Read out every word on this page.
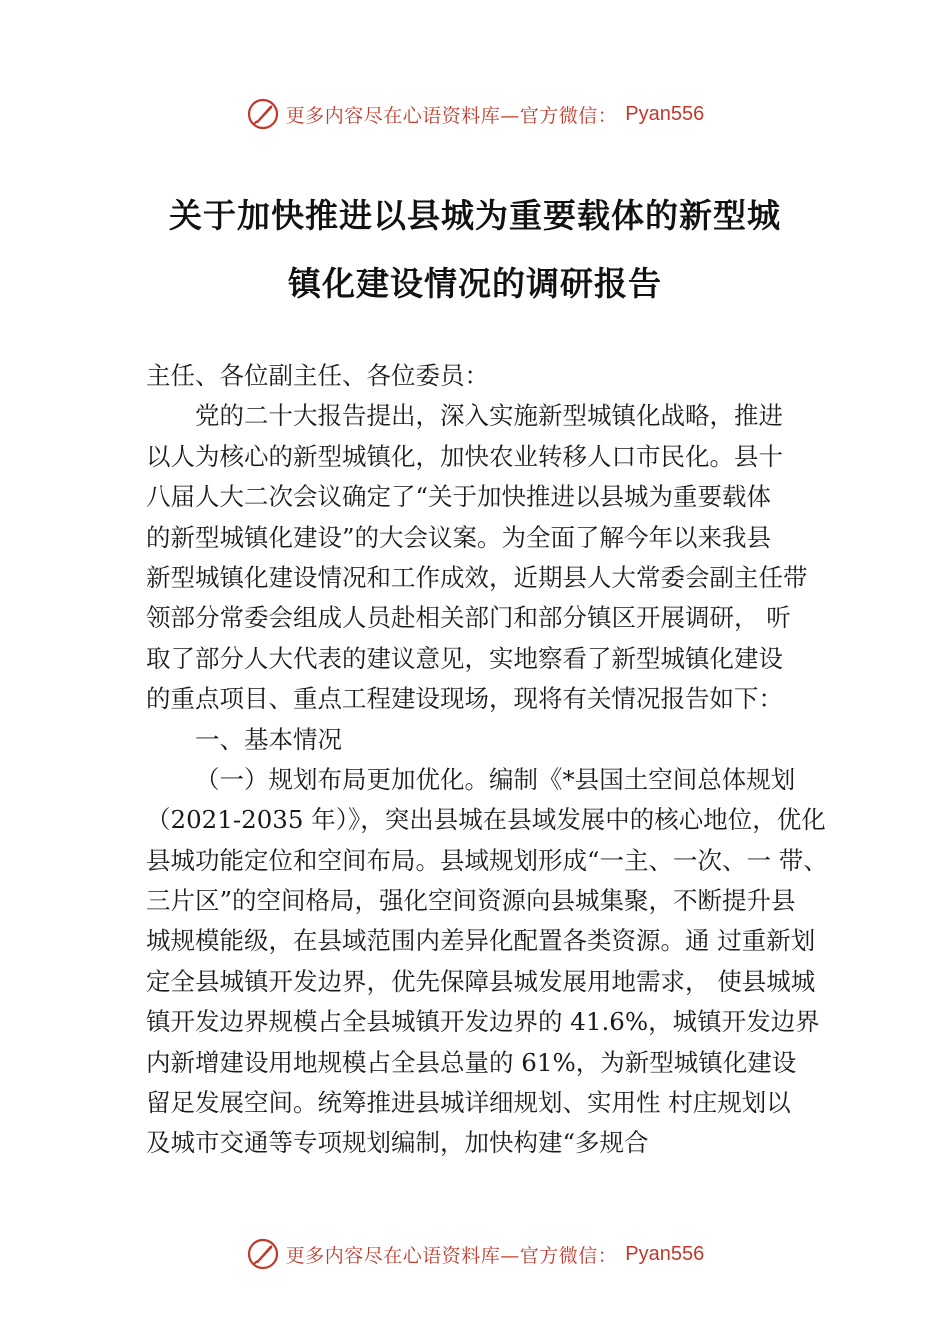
更多内容尽在心语资料库—官方微信： Pyan556
关于加快推进以县城为重要载体的新型城
镇化建设情况的调研报告
主任、各位副主任、各位委员：
党的二十大报告提出，深入实施新型城镇化战略，推进
以人为核心的新型城镇化，加快农业转移人口市民化。县十
八届人大二次会议确定了“关于加快推进以县城为重要载体
的新型城镇化建设”的大会议案。为全面了解今年以来我县
新型城镇化建设情况和工作成效，近期县人大常委会副主任带
领部分常委会组成人员赴相关部门和部分镇区开展调研， 听
取了部分人大代表的建议意见，实地察看了新型城镇化建设
的重点项目、重点工程建设现场，现将有关情况报告如下：
一、基本情况
（一）规划布局更加优化。编制《*县国土空间总体规划
（2021-2035 年）》，突出县城在县域发展中的核心地位，优化
县城功能定位和空间布局。县域规划形成“一主、一次、一 带、
三片区”的空间格局，强化空间资源向县城集聚，不断提升县
城规模能级，在县域范围内差异化配置各类资源。通 过重新划
定全县城镇开发边界，优先保障县城发展用地需求， 使县城城
镇开发边界规模占全县城镇开发边界的 41.6%，城镇开发边界
内新增建设用地规模占全县总量的 61%，为新型城镇化建设
留足发展空间。统筹推进县城详细规划、实用性 村庄规划以
及城市交通等专项规划编制，加快构建“多规合
更多内容尽在心语资料库—官方微信： Pyan556
